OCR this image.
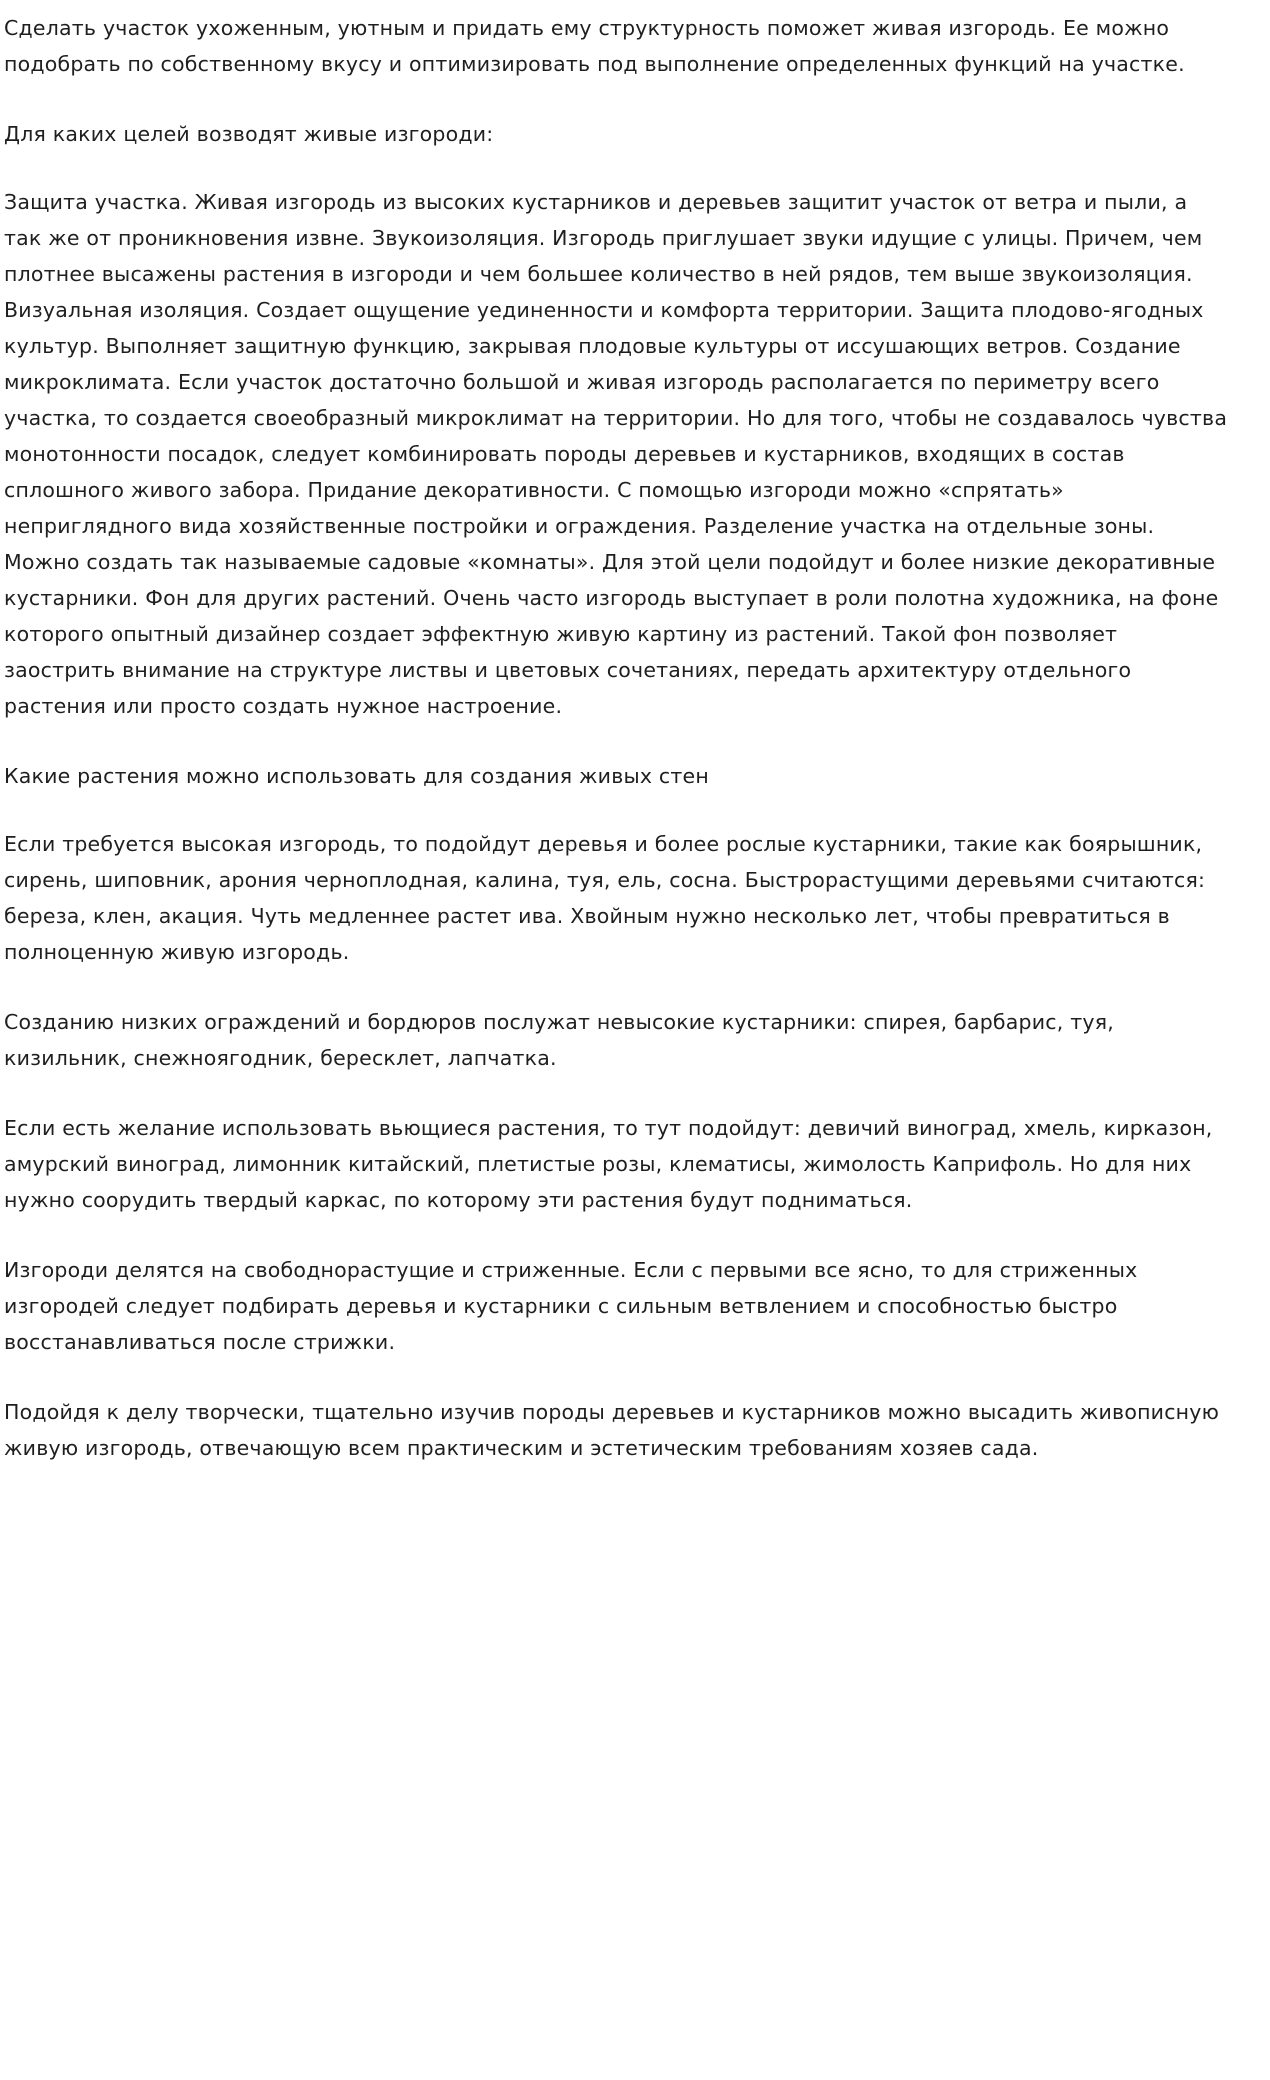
Сделать участок ухоженным, уютным и придать ему структурность поможет живая изгородь. Ее можно подобрать по собственному вкусу и оптимизировать под выполнение определенных функций на участке.

Для каких целей возводят живые изгороди:

Защита участка. Живая изгородь из высоких кустарников и деревьев защитит участок от ветра и пыли, а так же от проникновения извне. Звукоизоляция. Изгородь приглушает звуки идущие с улицы. Причем, чем плотнее высажены растения в изгороди и чем большее количество в ней рядов, тем выше звукоизоляция. Визуальная изоляция. Создает ощущение уединенности и комфорта территории. Защита плодово-ягодных культур. Выполняет защитную функцию, закрывая плодовые культуры от иссушающих ветров. Создание микроклимата. Если участок достаточно большой и живая изгородь располагается по периметру всего участка, то создается своеобразный микроклимат на территории. Но для того, чтобы не создавалось чувства монотонности посадок, следует комбинировать породы деревьев и кустарников, входящих в состав сплошного живого забора. Придание декоративности. С помощью изгороди можно «спрятать» неприглядного вида хозяйственные постройки и ограждения. Разделение участка на отдельные зоны. Можно создать так называемые садовые «комнаты». Для этой цели подойдут и более низкие декоративные кустарники. Фон для других растений. Очень часто изгородь выступает в роли полотна художника, на фоне которого опытный дизайнер создает эффектную живую картину из растений. Такой фон позволяет заострить внимание на структуре листвы и цветовых сочетаниях, передать архитектуру отдельного растения или просто создать нужное настроение.

Какие растения можно использовать для создания живых стен

Если требуется высокая изгородь, то подойдут деревья и более рослые кустарники, такие как боярышник, сирень, шиповник, арония черноплодная, калина, туя, ель, сосна. Быстрорастущими деревьями считаются: береза, клен, акация. Чуть медленнее растет ива. Хвойным нужно несколько лет, чтобы превратиться в полноценную живую изгородь.

Созданию низких ограждений и бордюров послужат невысокие кустарники: спирея, барбарис, туя, кизильник, снежноягодник, бересклет, лапчатка.

Если есть желание использовать вьющиеся растения, то тут подойдут: девичий виноград, хмель, кирказон, амурский виноград, лимонник китайский, плетистые розы, клематисы, жимолость Каприфоль. Но для них нужно соорудить твердый каркас, по которому эти растения будут подниматься.

Изгороди делятся на свободнорастущие и стриженные. Если с первыми все ясно, то для стриженных изгородей следует подбирать деревья и кустарники с сильным ветвлением и способностью быстро восстанавливаться после стрижки.

Подойдя к делу творчески, тщательно изучив породы деревьев и кустарников можно высадить живописную живую изгородь, отвечающую всем практическим и эстетическим требованиям хозяев сада.
